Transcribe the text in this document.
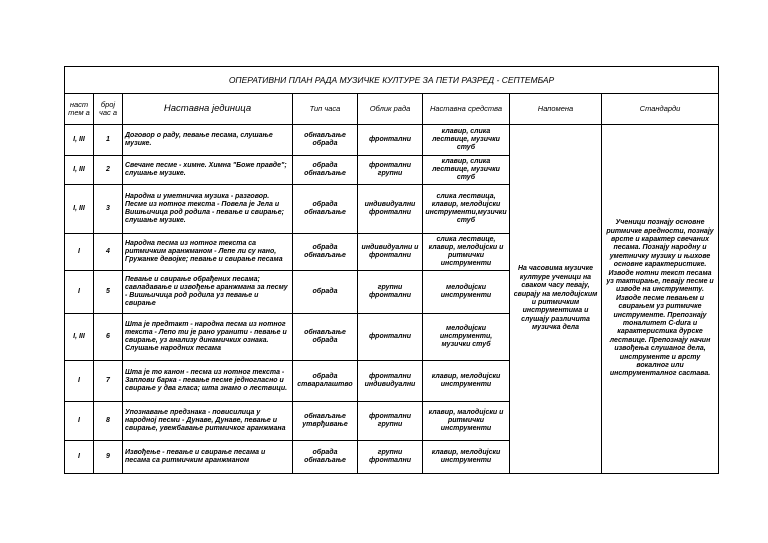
ОПЕРАТИВНИ ПЛАН РАДА МУЗИЧКЕ КУЛТУРЕ ЗА ПЕТИ РАЗРЕД - СЕПТЕМБАР							
наст тем а	број час а	Наставна јединица	Тип часа	Облик рада	Наставна средства	Напомена	Стандарди
I, III	1	Договор о раду, певање песама, слушање музике.	обнављање обрада	фронтални	клавир, слика лествице, музички стуб	На часовима музичке културе ученици на сваком часу певају, свирају на мелодијским и ритмичким инструментима и слушају различита музичка дела	Ученици познају основне ритмичке вредности, познају врсте и карактер свечаних песама. Познају народну и уметничку музику и њихове основне карактеристике. Изводе нотни текст песама уз тактирање, певају песме и изводе на инструменту. Изводе песме певањем и свирањем уз ритмичке инструменте. Препознају тоналитет C-dura и карактеристика дурске лествице. Препознају начин извођења слушаног дела, инструменте и врсту вокалног или инструменталног састава.
I, III	2	Свечане песме - химне. Химна "Боже правде"; слушање музике.	обрада обнављање	фронтални групни	клавир, слика лествице, музички стуб		
I, III	3	Народна и уметничка музика - разговор. Песме из нотног текста - Повела је Јела и Вишњичица род родила - певање и свирање; слушање музике.	обрада обнављање	индивидуални фронтални	слика лествица, клавир, мелодијски инструменти,музички стуб		
I	4	Народна песма из нотног текста са ритмичким аранжманом - Лепе ли су нано, Гружанке девојке; певање и свирање песама	обрада обнављање	индивидуални и фронтални	слика лествице, клавир, мелодијски и ритмички инструменти		
I	5	Певање и свирање обрађених песама; савладавање и извођење аранжмана за песму - Вишњичица род родила уз певање и свирање	обрада	групни фронтални	мелодијски инструменти		
I, III	6	Шта је предтакт - народна песма из нотног текста - Лепо ти је рано уранити - певање и свирање, уз анализу динамичких ознака. Слушање народних песама	обнављање обрада	фронтални	мелодијски инструменти, музички стуб		
I	7	Шта је то канон - песма из нотног текста - Заплови барка - певање песме једногласно и свирање у два гласа; шта знамо о лествици.	обрада стваралаштво	фронтални индивидуални	клавир, мелодијски инструменти		
I	8	Упознавање предзнака - повисилица у народној песми - Дунаве, Дунаве, певање и свирање, увежбавање ритмичког аранжмана	обнављање утврђивање	фронтални групни	клавир, малодијски и ритмички инструменти		
I	9	Извођење - певање и свирање песама и песама са ритмичким аранжманом	обрада обнављање	групни фронтални	клавир, мелодијски инструменти		
